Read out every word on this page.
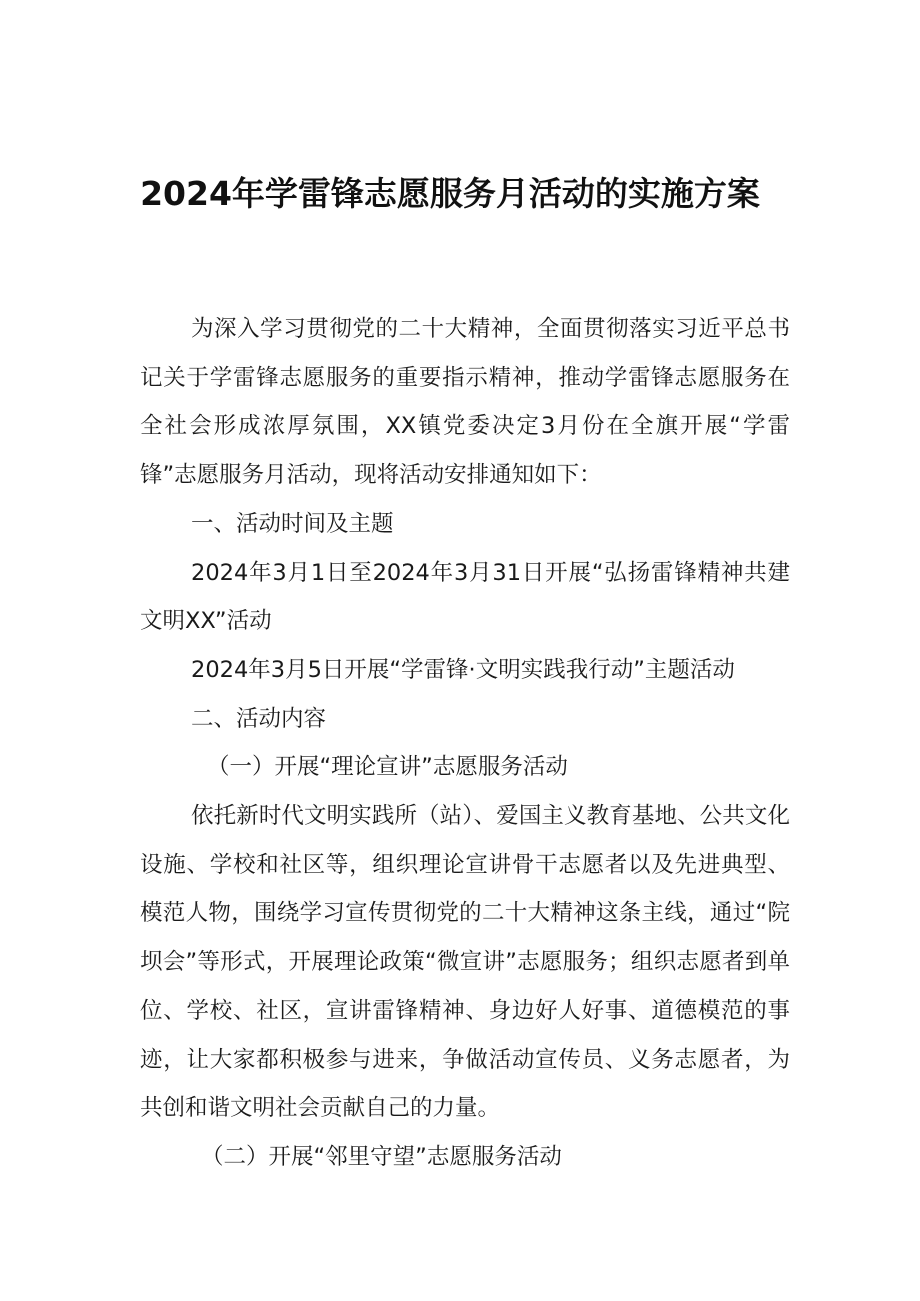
2024年学雷锋志愿服务月活动的实施方案

为深入学习贯彻党的二十大精神，全面贯彻落实习近平总书记关于学雷锋志愿服务的重要指示精神，推动学雷锋志愿服务在全社会形成浓厚氛围，XX镇党委决定3月份在全旗开展“学雷锋”志愿服务月活动，现将活动安排通知如下：

一、活动时间及主题

2024年3月1日至2024年3月31日开展“弘扬雷锋精神共建文明XX”活动

2024年3月5日开展“学雷锋·文明实践我行动”主题活动

二、活动内容

（一）开展“理论宣讲”志愿服务活动

依托新时代文明实践所（站）、爱国主义教育基地、公共文化设施、学校和社区等，组织理论宣讲骨干志愿者以及先进典型、模范人物，围绕学习宣传贯彻党的二十大精神这条主线，通过“院坝会”等形式，开展理论政策“微宣讲”志愿服务；组织志愿者到单位、学校、社区，宣讲雷锋精神、身边好人好事、道德模范的事迹，让大家都积极参与进来，争做活动宣传员、义务志愿者，为共创和谐文明社会贡献自己的力量。

（二）开展“邻里守望”志愿服务活动
